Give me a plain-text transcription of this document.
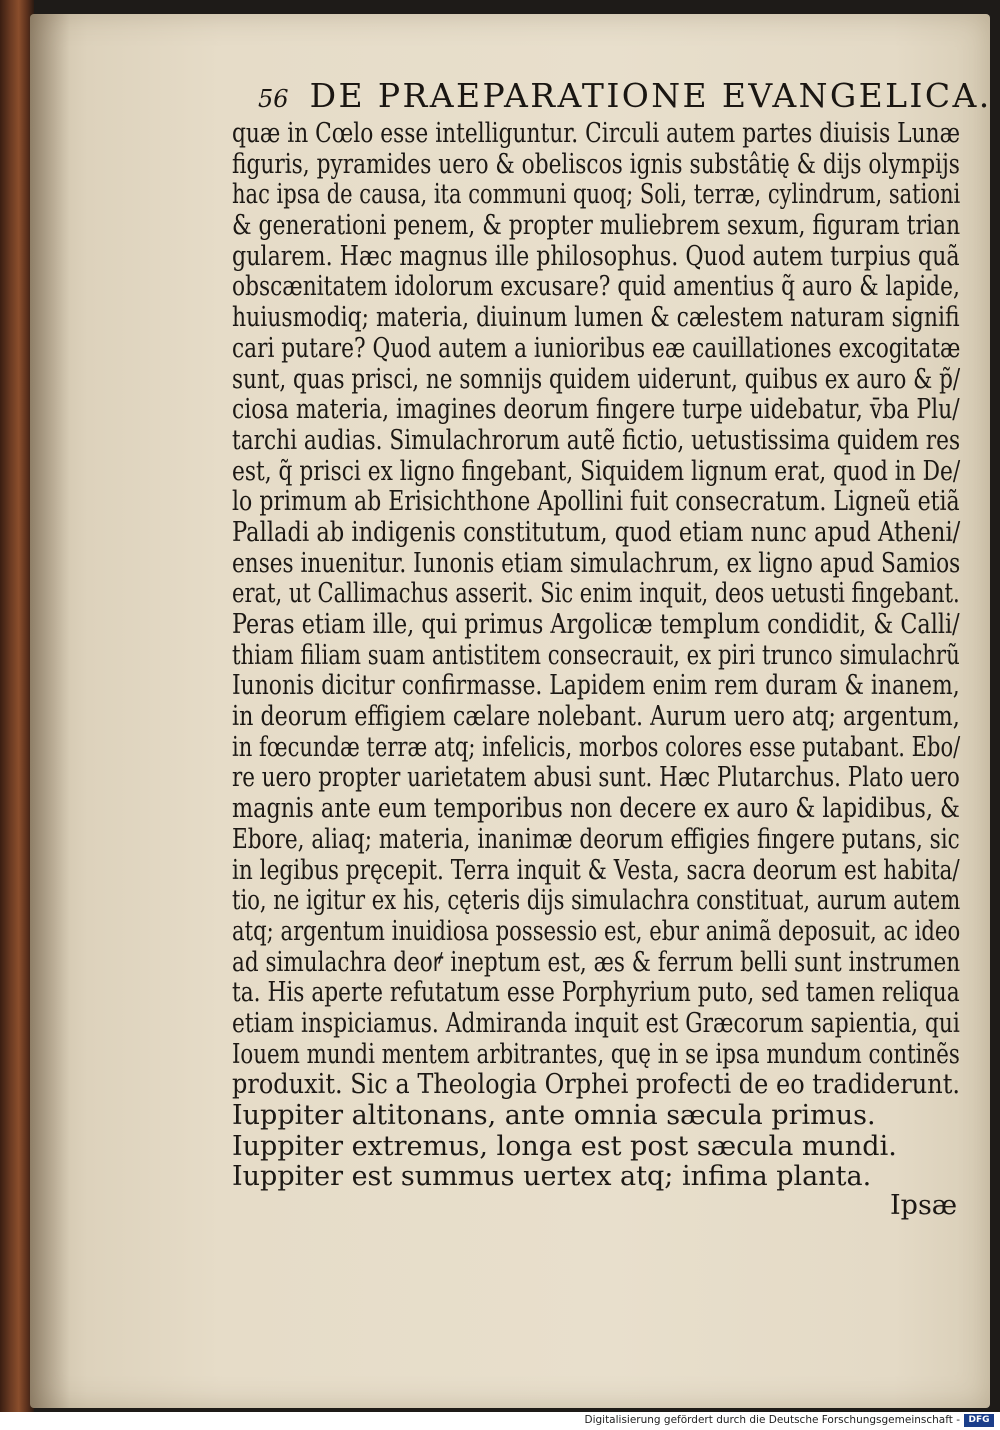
56 DE PRAEPARATIONE EVANGELICA.
quæ in Cœlo esse intelliguntur. Circuli autem partes diuisis Lunæ
figuris, pyramides uero & obeliscos ignis substâtię & dijs olympijs
hac ipsa de causa, ita communi quoq; Soli, terræ, cylindrum, sationi
& generationi penem, & propter muliebrem sexum, figuram trian
gularem. Hæc magnus ille philosophus. Quod autem turpius quã
obscænitatem idolorum excusare? quid amentius q̃ auro & lapide,
huiusmodiq; materia, diuinum lumen & cælestem naturam signifi
cari putare? Quod autem a iunioribus eæ cauillationes excogitatæ
sunt, quas prisci, ne somnijs quidem uiderunt, quibus ex auro & p̃/
ciosa materia, imagines deorum fingere turpe uidebatur, v̄ba Plu/
tarchi audias. Simulachrorum autẽ fictio, uetustissima quidem res
est, q̃ prisci ex ligno fingebant, Siquidem lignum erat, quod in De/
lo primum ab Erisichthone Apollini fuit consecratum. Ligneũ etiã
Palladi ab indigenis constitutum, quod etiam nunc apud Atheni/
enses inuenitur. Iunonis etiam simulachrum, ex ligno apud Samios
erat, ut Callimachus asserit. Sic enim inquit, deos uetusti fingebant.
Peras etiam ille, qui primus Argolicæ templum condidit, & Calli/
thiam filiam suam antistitem consecrauit, ex piri trunco simulachrũ
Iunonis dicitur confirmasse. Lapidem enim rem duram & inanem,
in deorum effigiem cælare nolebant. Aurum uero atq; argentum,
in fœcundæ terræ atq; infelicis, morbos colores esse putabant. Ebo/
re uero propter uarietatem abusi sunt. Hæc Plutarchus. Plato uero
magnis ante eum temporibus non decere ex auro & lapidibus, &
Ebore, aliaq; materia, inanimæ deorum effigies fingere putans, sic
in legibus pręcepit. Terra inquit & Vesta, sacra deorum est habita/
tio, ne igitur ex his, cęteris dijs simulachra constituat, aurum autem
atq; argentum inuidiosa possessio est, ebur animã deposuit, ac ideo
ad simulachra deoꝵ ineptum est, æs & ferrum belli sunt instrumen
ta. His aperte refutatum esse Porphyrium puto, sed tamen reliqua
etiam inspiciamus. Admiranda inquit est Græcorum sapientia, qui
Iouem mundi mentem arbitrantes, quę in se ipsa mundum continẽs
produxit. Sic a Theologia Orphei profecti de eo tradiderunt.
Iuppiter altitonans, ante omnia sæcula primus.
Iuppiter extremus, longa est post sæcula mundi.
Iuppiter est summus uertex atq; infima planta.
Ipsæ
Digitalisierung gefördert durch die Deutsche Forschungsgemeinschaft - DFG
